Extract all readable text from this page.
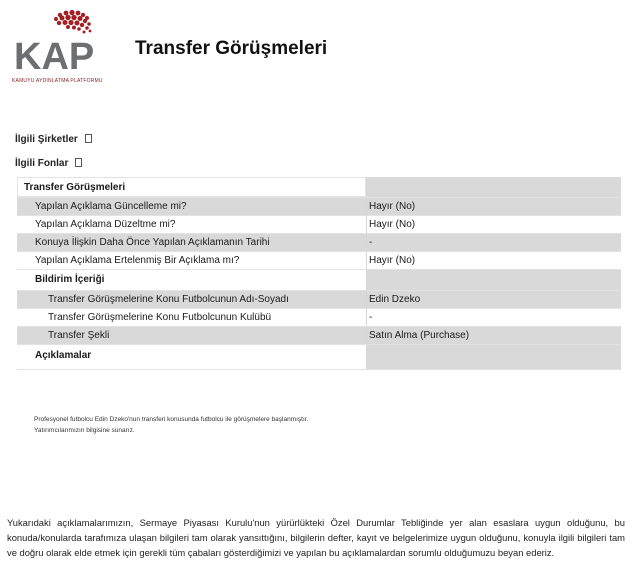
KAP
KAMUYU AYDINLATMA PLATFORMU
Transfer Görüşmeleri
İlgili Şirketler
İlgili Fonlar
Transfer Görüşmeleri
Yapılan Açıklama Güncelleme mi?	Hayır (No)
Yapılan Açıklama Düzeltme mi?	Hayır (No)
Konuya İlişkin Daha Önce Yapılan Açıklamanın Tarihi	-
Yapılan Açıklama Ertelenmiş Bir Açıklama mı?	Hayır (No)
Bildirim İçeriği
Transfer Görüşmelerine Konu Futbolcunun Adı-Soyadı	Edin Dzeko
Transfer Görüşmelerine Konu Futbolcunun Kulübü	-
Transfer Şekli	Satın Alma (Purchase)
Açıklamalar
Profesyonel futbolcu Edin Dzeko'nun transferi konusunda futbolcu ile görüşmelere başlanmıştır.
Yatırımcılarımızın bilgisine sunarız.
Yukarıdaki açıklamalarımızın, Sermaye Piyasası Kurulu'nun yürürlükteki Özel Durumlar Tebliğinde yer alan esaslara uygun olduğunu, bu konuda/konularda tarafımıza ulaşan bilgileri tam olarak yansıttığını, bilgilerin defter, kayıt ve belgelerimize uygun olduğunu, konuyla ilgili bilgileri tam ve doğru olarak elde etmek için gerekli tüm çabaları gösterdiğimizi ve yapılan bu açıklamalardan sorumlu olduğumuzu beyan ederiz.
